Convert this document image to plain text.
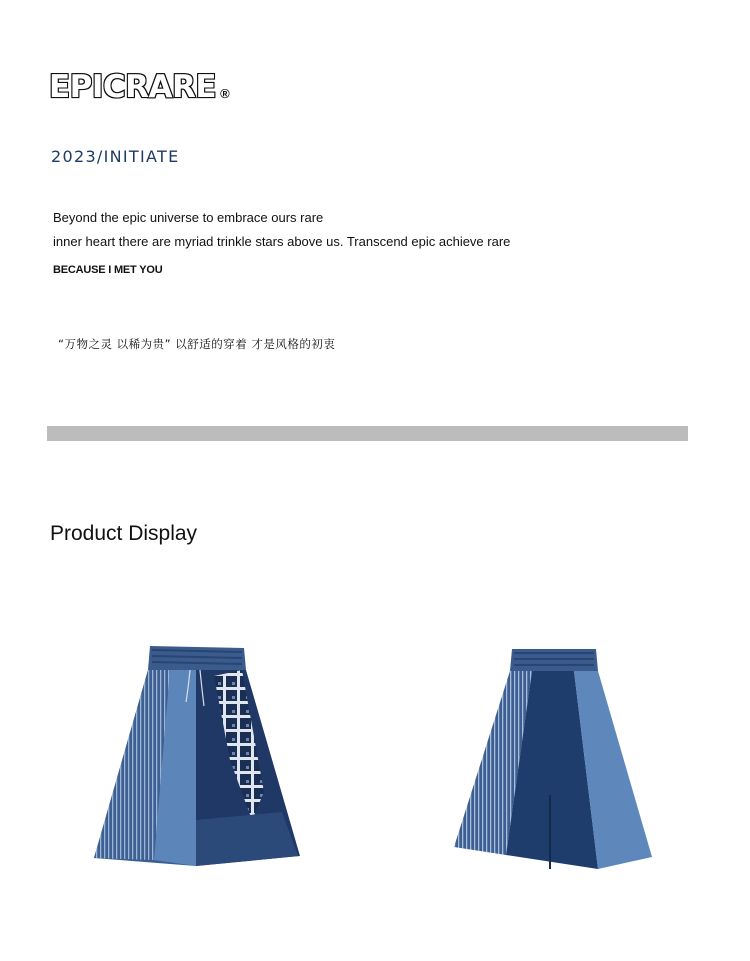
EPICRARE ®
2023/INITIATE
Beyond the epic universe to embrace ours rare
inner heart there are myriad trinkle stars above us. Transcend epic achieve rare
BECAUSE I MET YOU
“万物之灵 以稀为贵” 以舒适的穿着 才是风格的初衷
Product Display
